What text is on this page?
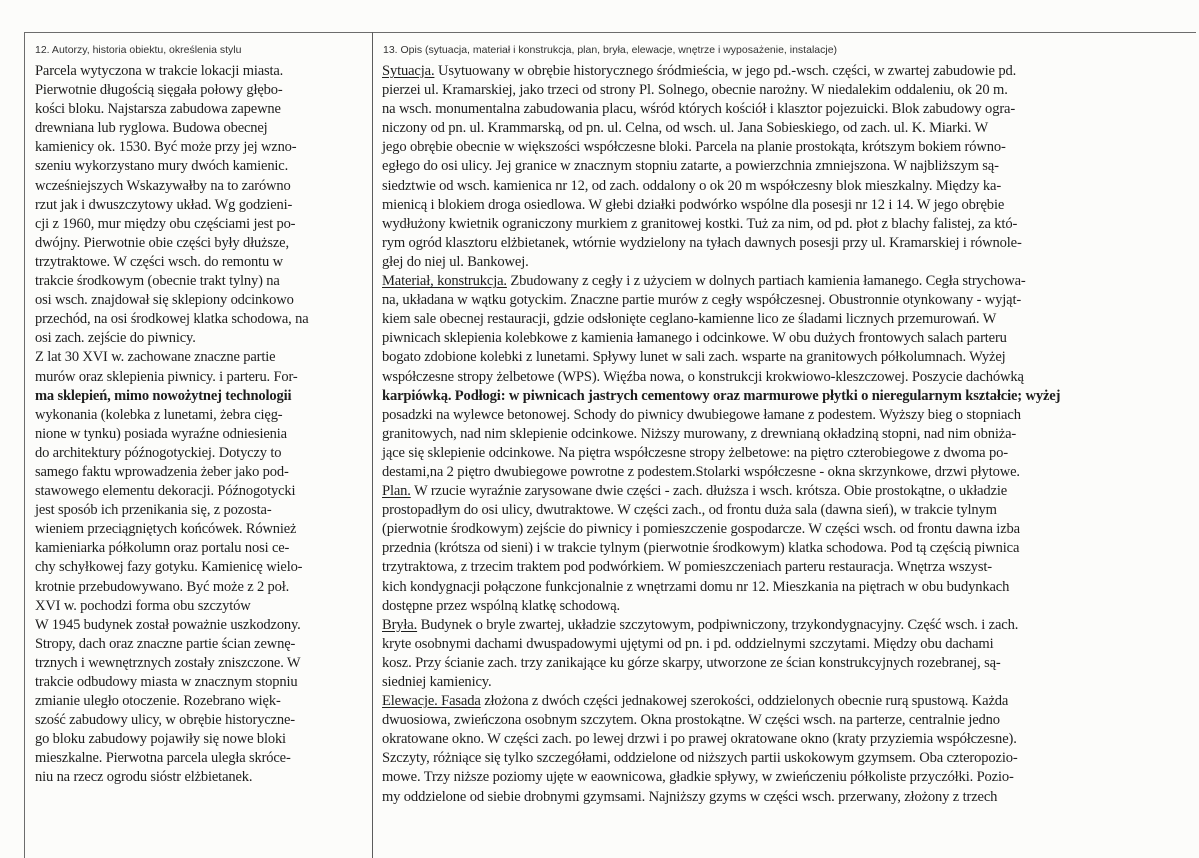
12. Autorzy, historia obiektu, określenia stylu	13. Opis (sytuacja, materiał i konstrukcja, plan, bryła, elewacje, wnętrze i wyposażenie, instalacje)
Parcela wytyczona w trakcie lokacji miasta.
Pierwotnie długością sięgała połowy głębo-
kości bloku. Najstarsza zabudowa zapewne
drewniana lub ryglowa. Budowa obecnej
kamienicy ok. 1530. Być może przy jej wzno-
szeniu wykorzystano mury dwóch kamienic.
wcześniejszych Wskazywałby na to zarówno
rzut jak i dwuszczytowy układ. Wg godzieni-
cji z 1960, mur między obu częściami jest po-
dwójny. Pierwotnie obie części były dłuższe,
trzytraktowe. W części wsch. do remontu w
trakcie środkowym (obecnie trakt tylny) na
osi wsch. znajdował się sklepiony odcinkowo
przechód, na osi środkowej klatka schodowa, na
osi zach. zejście do piwnicy.
Z lat 30 XVI w. zachowane znaczne partie
murów oraz sklepienia piwnicy. i parteru. For-
ma sklepień, mimo nowożytnej technologii
wykonania (kolebka z lunetami, żebra cięg-
nione w tynku) posiada wyraźne odniesienia
do architektury późnogotyckiej. Dotyczy to
samego faktu wprowadzenia żeber jako pod-
stawowego elementu dekoracji. Późnogotycki
jest sposób ich przenikania się, z pozosta-
wieniem przeciągniętych końcówek. Również
kamieniarka półkolumn oraz portalu nosi ce-
chy schyłkowej fazy gotyku. Kamienicę wielo-
krotnie przebudowywano. Być może z 2 poł.
XVI w. pochodzi forma obu szczytów
W 1945 budynek został poważnie uszkodzony.
Stropy, dach oraz znaczne partie ścian zewnę-
trznych i wewnętrznych zostały zniszczone. W
trakcie odbudowy miasta w znacznym stopniu
zmianie uległo otoczenie. Rozebrano więk-
szość zabudowy ulicy, w obrębie historyczne-
go bloku zabudowy pojawiły się nowe bloki
mieszkalne. Pierwotna parcela uległa skróce-
niu na rzecz ogrodu sióstr elżbietanek.
Sytuacja. Usytuowany w obrębie historycznego śródmieścia, w jego pd.-wsch. części, w zwartej zabudowie pd.
pierzei ul. Kramarskiej, jako trzeci od strony Pl. Solnego, obecnie narożny. W niedalekim oddaleniu, ok 20 m.
na wsch. monumentalna zabudowania placu, wśród których kościół i klasztor pojezuicki. Blok zabudowy ogra-
niczony od pn. ul. Krammarską, od pn. ul. Celna, od wsch. ul. Jana Sobieskiego, od zach. ul. K. Miarki. W
jego obrębie obecnie w większości współczesne bloki. Parcela na planie prostokąta, krótszym bokiem równo-
egłego do osi ulicy. Jej granice w znacznym stopniu zatarte, a powierzchnia zmniejszona. W najbliższym są-
siedztwie od wsch. kamienica nr 12, od zach. oddalony o ok 20 m współczesny blok mieszkalny. Między ka-
mienicą i blokiem droga osiedlowa. W głebi działki podwórko wspólne dla posesji nr 12 i 14. W jego obrębie
wydłużony kwietnik ograniczony murkiem z granitowej kostki. Tuż za nim, od pd. płot z blachy falistej, za któ-
rym ogród klasztoru elżbietanek, wtórnie wydzielony na tyłach dawnych posesji przy ul. Kramarskiej i równole-
głej do niej ul. Bankowej.
Materiał, konstrukcja. Zbudowany z cegły i z użyciem w dolnych partiach kamienia łamanego. Cegła strychowa-
na, układana w wątku gotyckim. Znaczne partie murów z cegły współczesnej. Obustronnie otynkowany - wyjąt-
kiem sale obecnej restauracji, gdzie odsłonięte ceglano-kamienne lico ze śladami licznych przemurowań. W
piwnicach sklepienia kolebkowe z kamienia łamanego i odcinkowe. W obu dużych frontowych salach parteru
bogato zdobione kolebki z lunetami. Spływy lunet w sali zach. wsparte na granitowych półkolumnach. Wyżej
współczesne stropy żelbetowe (WPS). Więźba nowa, o konstrukcji krokwiowo-kleszczowej. Poszycie dachówką
karpiówką. Podłogi: w piwnicach jastrych cementowy oraz marmurowe płytki o nieregularnym kształcie; wyżej
posadzki na wylewce betonowej. Schody do piwnicy dwubiegowe łamane z podestem. Wyższy bieg o stopniach
granitowych, nad nim sklepienie odcinkowe. Niższy murowany, z drewnianą okładziną stopni, nad nim obniża-
jące się sklepienie odcinkowe. Na piętra współczesne stropy żelbetowe: na piętro czterobiegowe z dwoma po-
destami,na 2 piętro dwubiegowe powrotne z podestem.Stolarki współczesne - okna skrzynkowe, drzwi płytowe.
Plan. W rzucie wyraźnie zarysowane dwie części - zach. dłuższa i wsch. krótsza. Obie prostokątne, o układzie
prostopadłym do osi ulicy, dwutraktowe. W części zach., od frontu duża sala (dawna sień), w trakcie tylnym
(pierwotnie środkowym) zejście do piwnicy i pomieszczenie gospodarcze. W części wsch. od frontu dawna izba
przednia (krótsza od sieni) i w trakcie tylnym (pierwotnie środkowym) klatka schodowa. Pod tą częścią piwnica
trzytraktowa, z trzecim traktem pod podwórkiem. W pomieszczeniach parteru restauracja. Wnętrza wszyst-
kich kondygnacji połączone funkcjonalnie z wnętrzami domu nr 12. Mieszkania na piętrach w obu budynkach
dostępne przez wspólną klatkę schodową.
Bryła. Budynek o bryle zwartej, układzie szczytowym, podpiwniczony, trzykondygnacyjny. Część wsch. i zach.
kryte osobnymi dachami dwuspadowymi ujętymi od pn. i pd. oddzielnymi szczytami. Między obu dachami
kosz. Przy ścianie zach. trzy zanikające ku górze skarpy, utworzone ze ścian konstrukcyjnych rozebranej, są-
siedniej kamienicy.
Elewacje. Fasada złożona z dwóch części jednakowej szerokości, oddzielonych obecnie rurą spustową. Każda
dwuosiowa, zwieńczona osobnym szczytem. Okna prostokątne. W części wsch. na parterze, centralnie jedno
okratowane okno. W części zach. po lewej drzwi i po prawej okratowane okno (kraty przyziemia współczesne).
Szczyty, różniące się tylko szczegółami, oddzielone od niższych partii uskokowym gzymsem. Oba czteropozio-
mowe. Trzy niższe poziomy ujęte w eaownicowa, gładkie spływy, w zwieńczeniu półkoliste przyczółki. Pozio-
my oddzielone od siebie drobnymi gzymsami. Najniższy gzyms w części wsch. przerwany, złożony z trzech
